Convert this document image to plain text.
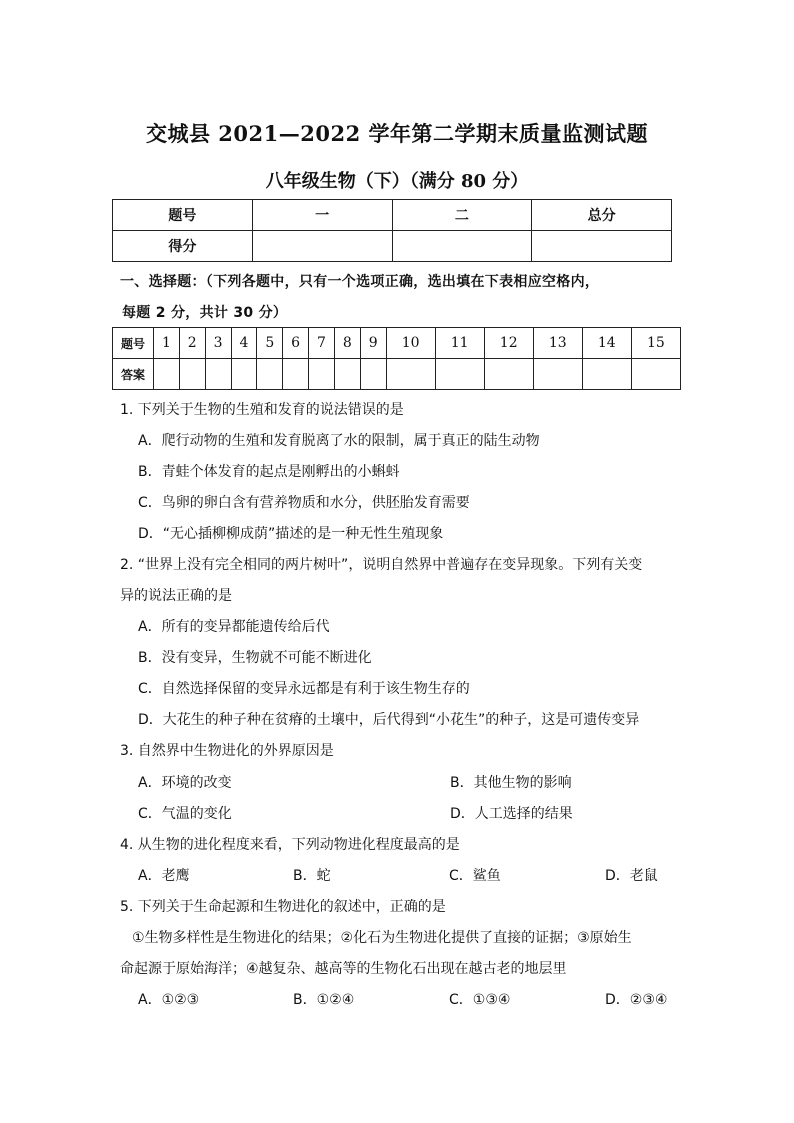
交城县 2021—2022 学年第二学期末质量监测试题
八年级生物（下）（满分 80 分）
题号	一	二	总分
得分			
一、选择题：（下列各题中，只有一个选项正确，选出填在下表相应空格内，
每题 2 分，共计 30 分）
题号	1	2	3	4	5	6	7	8	9	10	11	12	13	14	15
答案															
1. 下列关于生物的生殖和发育的说法错误的是
A．爬行动物的生殖和发育脱离了水的限制，属于真正的陆生动物
B．青蛙个体发育的起点是刚孵出的小蝌蚪
C．鸟卵的卵白含有营养物质和水分，供胚胎发育需要
D．“无心插柳柳成荫”描述的是一种无性生殖现象
2. “世界上没有完全相同的两片树叶”，说明自然界中普遍存在变异现象。下列有关变
异的说法正确的是
A．所有的变异都能遗传给后代
B．没有变异，生物就不可能不断进化
C．自然选择保留的变异永远都是有利于该生物生存的
D．大花生的种子种在贫瘠的土壤中，后代得到“小花生”的种子，这是可遗传变异
3. 自然界中生物进化的外界原因是
A．环境的改变	B．其他生物的影响
C．气温的变化	D．人工选择的结果
4. 从生物的进化程度来看，下列动物进化程度最高的是
A．老鹰	B．蛇	C．鲨鱼	D．老鼠
5. 下列关于生命起源和生物进化的叙述中，正确的是
①生物多样性是生物进化的结果；②化石为生物进化提供了直接的证据；③原始生
命起源于原始海洋；④越复杂、越高等的生物化石出现在越古老的地层里
A．①②③	B．①②④	C．①③④	D．②③④
